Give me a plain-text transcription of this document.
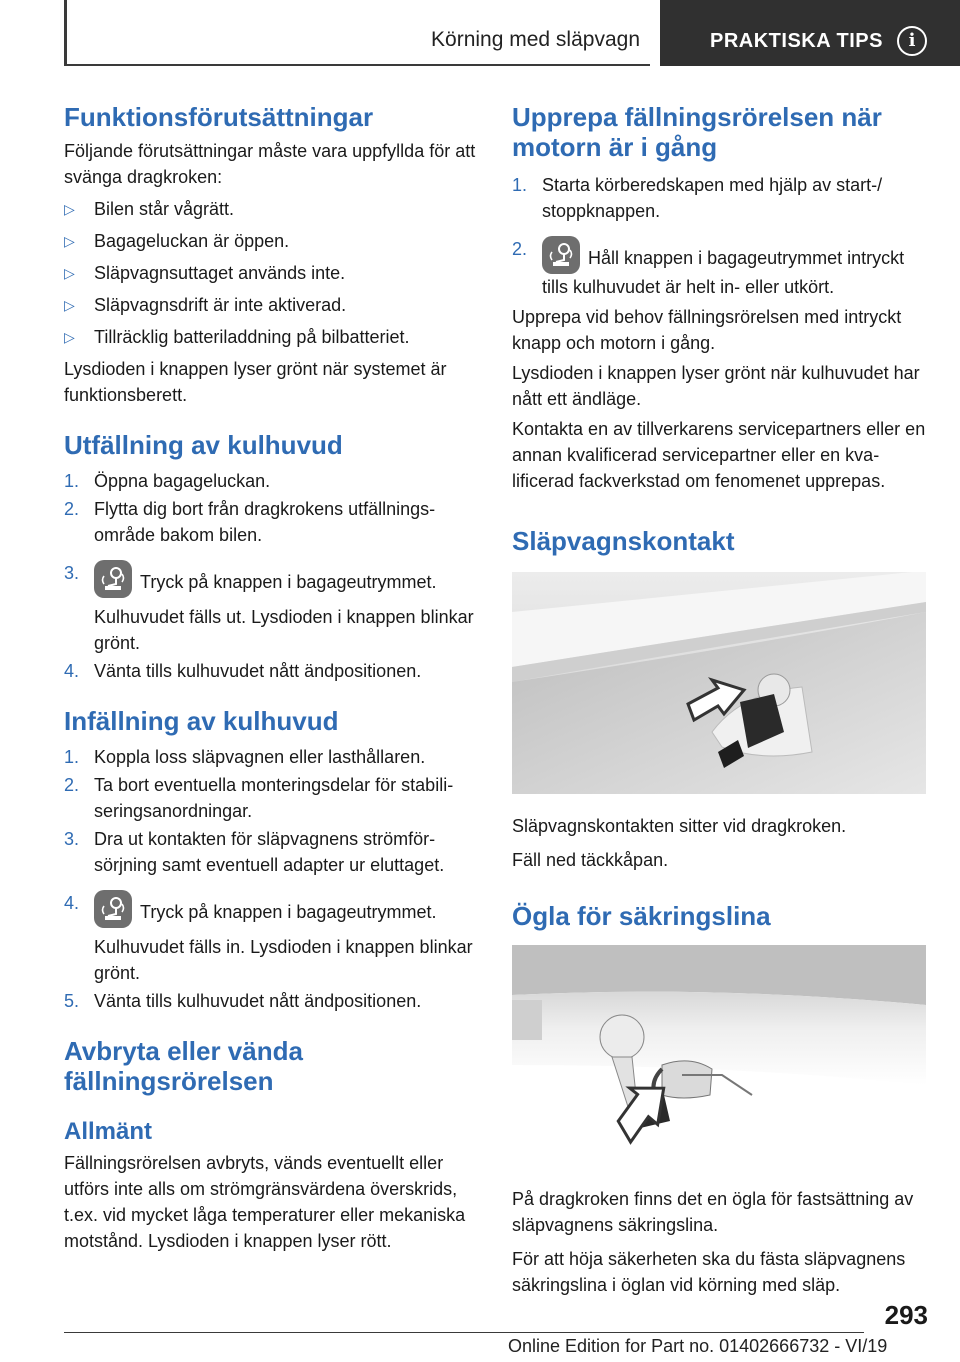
Körning med släpvagn	PRAKTISKA TIPS	i
Funktionsförutsättningar

Följande förutsättningar måste vara uppfyllda för att svänga dragkroken:

▷ Bilen står vågrätt.
▷ Bagageluckan är öppen.
▷ Släpvagnsuttaget används inte.
▷ Släpvagnsdrift är inte aktiverad.
▷ Tillräcklig batteriladdning på bilbatteriet.

Lysdioden i knappen lyser grönt när systemet är funktionsberett.

Utfällning av kulhuvud
1. Öppna bagageluckan.
2. Flytta dig bort från dragkrokens utfällningsområde bakom bilen.
3.	Tryck på knappen i bagageutrymmet.
Kulhuvudet fälls ut. Lysdioden i knappen blinkar grönt.
4. Vänta tills kulhuvudet nått ändpositionen.
Infällning av kulhuvud
1. Koppla loss släpvagnen eller lasthållaren.
2. Ta bort eventuella monteringsdelar för stabiliseringsanordningar.
3. Dra ut kontakten för släpvagnens strömförsörjning samt eventuell adapter ur eluttaget.
4.	Tryck på knappen i bagageutrymmet.
Kulhuvudet fälls in. Lysdioden i knappen blinkar grönt.
5. Vänta tills kulhuvudet nått ändpositionen.
Avbryta eller vända fällningsrörelsen
Allmänt

Fällningsrörelsen avbryts, vänds eventuellt eller utförs inte alls om strömgränsvärdena överskrids, t.ex. vid mycket låga temperaturer eller mekaniska motstånd. Lysdioden i knappen lyser rött.

Upprepa fällningsrörelsen när motorn är i gång
1. Starta körberedskapen med hjälp av start-/ stoppknappen.
2.	Håll knappen i bagageutrymmet intryckt tills kulhuvudet är helt in- eller utkört.

Upprepa vid behov fällningsrörelsen med intryckt knapp och motorn i gång.

Lysdioden i knappen lyser grönt när kulhuvudet har nått ett ändläge.

Kontakta en av tillverkarens servicepartners eller en annan kvalificerad servicepartner eller en kvalificerad fackverkstad om fenomenet upprepas.

Släpvagnskontakt

Släpvagnskontakten sitter vid dragkroken.

Fäll ned täckkåpan.

Ögla för säkringslina

På dragkroken finns det en ögla för fastsättning av släpvagnens säkringslina.

För att höja säkerheten ska du fästa släpvagnens säkringslina i öglan vid körning med släp.

293
Online Edition for Part no. 01402666732 - VI/19
